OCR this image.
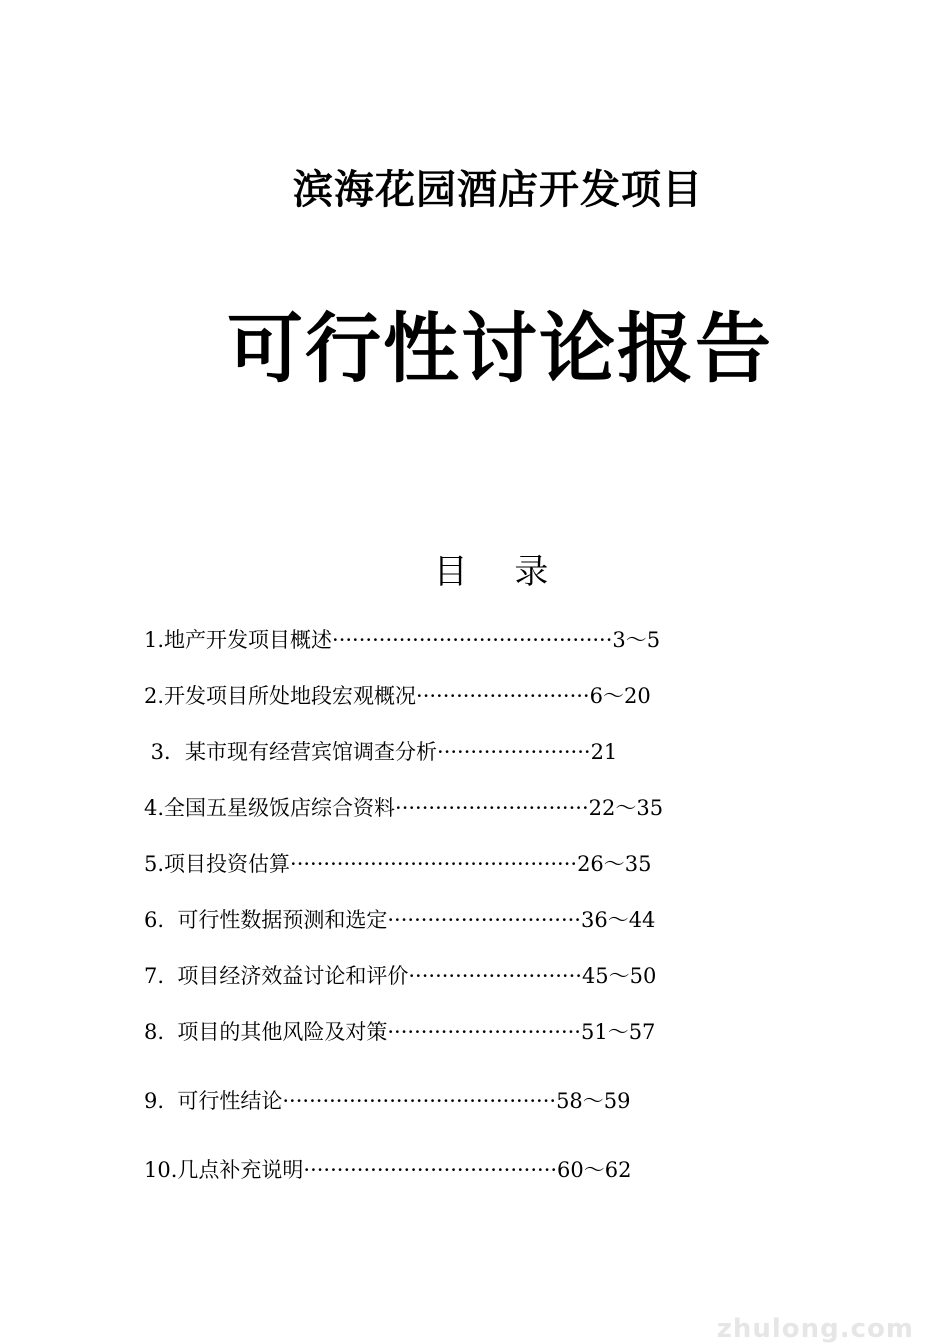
滨海花园酒店开发项目
可行性讨论报告
目 录
1.地产开发项目概述··········································3～5
2.开发项目所处地段宏观概况··························6～20
3．某市现有经营宾馆调查分析·······················21
4.全国五星级饭店综合资料·····························22～35
5.项目投资估算···········································26～35
6.  可行性数据预测和选定·····························36～44
7.  项目经济效益讨论和评价··························45～50
8.  项目的其他风险及对策·····························51～57
9.  可行性结论·········································58～59
10.几点补充说明······································60～62
zhulong.com
